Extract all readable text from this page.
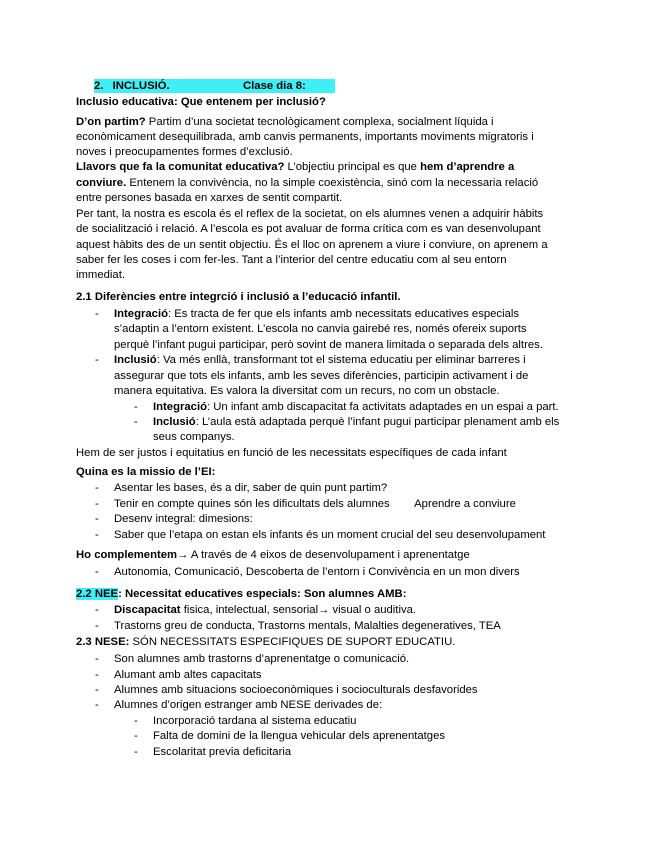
2. INCLUSIÓ.	Clase dia 8:
Inclusio educativa: Que entenem per inclusió?
D’on partim? Partim d’una societat tecnològicament complexa, socialment líquida i
econòmicament desequilibrada, amb canvis permanents, importants moviments migratoris i
noves i preocupamentes formes d’exclusió.
Llavors que fa la comunitat educativa? L’objectiu principal es que hem d’aprendre a
conviure. Entenem la convivència, no la simple coexistència, sinó com la necessaria relació
entre persones basada en xarxes de sentit compartit.
Per tant, la nostra es escola és el reflex de la societat, on els alumnes venen a adquirir hàbits
de socialització i relació. A l’escola es pot avaluar de forma crítica com es van desenvolupant
aquest hàbits des de un sentit objectiu. És el lloc on aprenem a viure i conviure, on aprenem a
saber fer les coses i com fer-les. Tant a l’interior del centre educatiu com al seu entorn
immediat.
2.1 Diferències entre integrció i inclusió a l’educació infantil.
- Integració: Es tracta de fer que els infants amb necessitats educatives especials
s’adaptin a l’entorn existent. L’escola no canvia gairebé res, només ofereix suports
perquè l’infant pugui participar, però sovint de manera limitada o separada dels altres.
- Inclusió: Va més enllà, transformant tot el sistema educatiu per eliminar barreres i
assegurar que tots els infants, amb les seves diferències, participin activament i de
manera equitativa. Es valora la diversitat com un recurs, no com un obstacle.
- Integració: Un infant amb discapacitat fa activitats adaptades en un espai a part.
- Inclusió: L’aula està adaptada perquè l’infant pugui participar plenament amb els
seus companys.
Hem de ser justos i equitatius en funció de les necessitats específiques de cada infant
Quina es la missio de l’EI:
- Asentar les bases, és a dir, saber de quin punt partim?
- Tenir en compte quines són les dificultats dels alumnes        Aprendre a conviure
- Desenv integral: dimesions:
- Saber que l’etapa on estan els infants és un moment crucial del seu desenvolupament
Ho complementem→ A través de 4 eixos de desenvolupament i aprenentatge
- Autonomia, Comunicació, Descoberta de l’entorn i Convivència en un mon divers
2.2 NEE: Necessitat educatives especials: Son alumnes AMB:
- Discapacitat fisica, intelectual, sensorial→ visual o auditiva.
- Trastorns greu de conducta, Trastorns mentals, Malalties degeneratives, TEA
2.3 NESE: SÓN NECESSITATS ESPECIFIQUES DE SUPORT EDUCATIU.
- Son alumnes amb trastorns d’aprenentatge o comunicació.
- Alumant amb altes capacitats
- Alumnes amb situacions socioeconòmiques i socioculturals desfavorides
- Alumnes d’origen estranger amb NESE derivades de:
- Incorporació tardana al sistema educatiu
- Falta de domini de la llengua vehicular dels aprenentatges
- Escolaritat previa deficitaria
